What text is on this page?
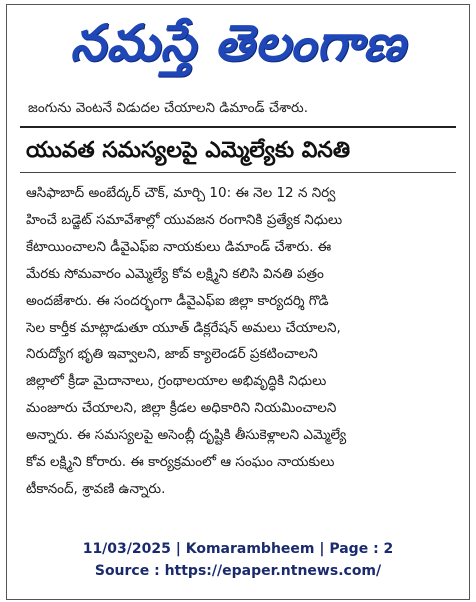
నమస్తే తెలంగాణ
జంగును వెంటనే విడుదల చేయాలని డిమాండ్ చేశారు.
యువత సమస్యలపై ఎమ్మెల్యేకు వినతి
ఆసిఫాబాద్ అంబేద్కర్ చౌక్, మార్చి 10: ఈ నెల 12 న నిర్వ
హించే బడ్జెట్ సమావేశాల్లో యువజన రంగానికి ప్రత్యేక నిధులు
కేటాయించాలని డీవైఎఫ్ఐ నాయకులు డిమాండ్ చేశారు. ఈ
మేరకు సోమవారం ఎమ్మెల్యే కోవ లక్ష్మిని కలిసి వినతి పత్రం
అందజేశారు. ఈ సందర్భంగా డీవైఎఫ్ఐ జిల్లా కార్యదర్శి గొడి
సెల కార్తీక మాట్లాడుతూ యూత్ డిక్లరేషన్ అమలు చేయాలని,
నిరుద్యోగ భృతి ఇవ్వాలని, జాబ్ క్యాలెండర్ ప్రకటించాలని
జిల్లాలో క్రీడా మైదానాలు, గ్రంథాలయాల అభివృద్ధికి నిధులు
మంజూరు చేయాలని, జిల్లా క్రీడల అధికారిని నియమించాలని
అన్నారు. ఈ సమస్యలపై అసెంబ్లీ దృష్టికి తీసుకెళ్లాలని ఎమ్మెల్యే
కోవ లక్ష్మిని కోరారు. ఈ కార్యక్రమంలో ఆ సంఘం నాయకులు
టీకానంద్, శ్రావణి ఉన్నారు.
11/03/2025 | Komarambheem | Page : 2
Source : https://epaper.ntnews.com/
